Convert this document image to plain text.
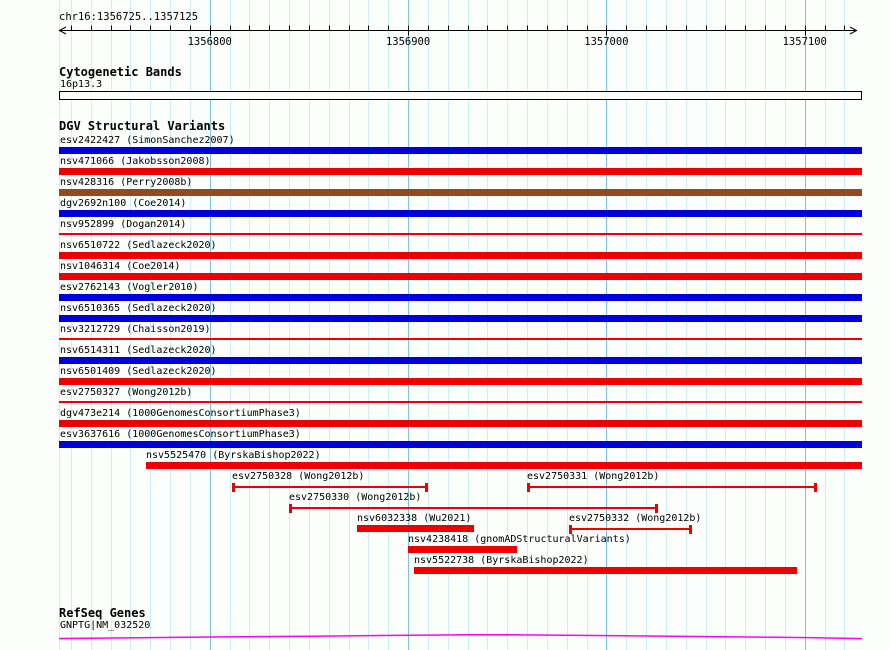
chr16:1356725..1357125
1356800	1356900	1357000	1357100
Cytogenetic Bands
16p13.3
DGV Structural Variants
esv2422427 (SimonSanchez2007)
nsv471066 (Jakobsson2008)
nsv428316 (Perry2008b)
dgv2692n100 (Coe2014)
nsv952899 (Dogan2014)
nsv6510722 (Sedlazeck2020)
nsv1046314 (Coe2014)
esv2762143 (Vogler2010)
nsv6510365 (Sedlazeck2020)
nsv3212729 (Chaisson2019)
nsv6514311 (Sedlazeck2020)
nsv6501409 (Sedlazeck2020)
esv2750327 (Wong2012b)
dgv473e214 (1000GenomesConsortiumPhase3)
esv3637616 (1000GenomesConsortiumPhase3)
nsv5525470 (ByrskaBishop2022)
esv2750328 (Wong2012b)	esv2750331 (Wong2012b)
esv2750330 (Wong2012b)
nsv6032338 (Wu2021)	esv2750332 (Wong2012b)
nsv4238418 (gnomADStructuralVariants)
nsv5522738 (ByrskaBishop2022)
RefSeq Genes
GNPTG|NM_032520
